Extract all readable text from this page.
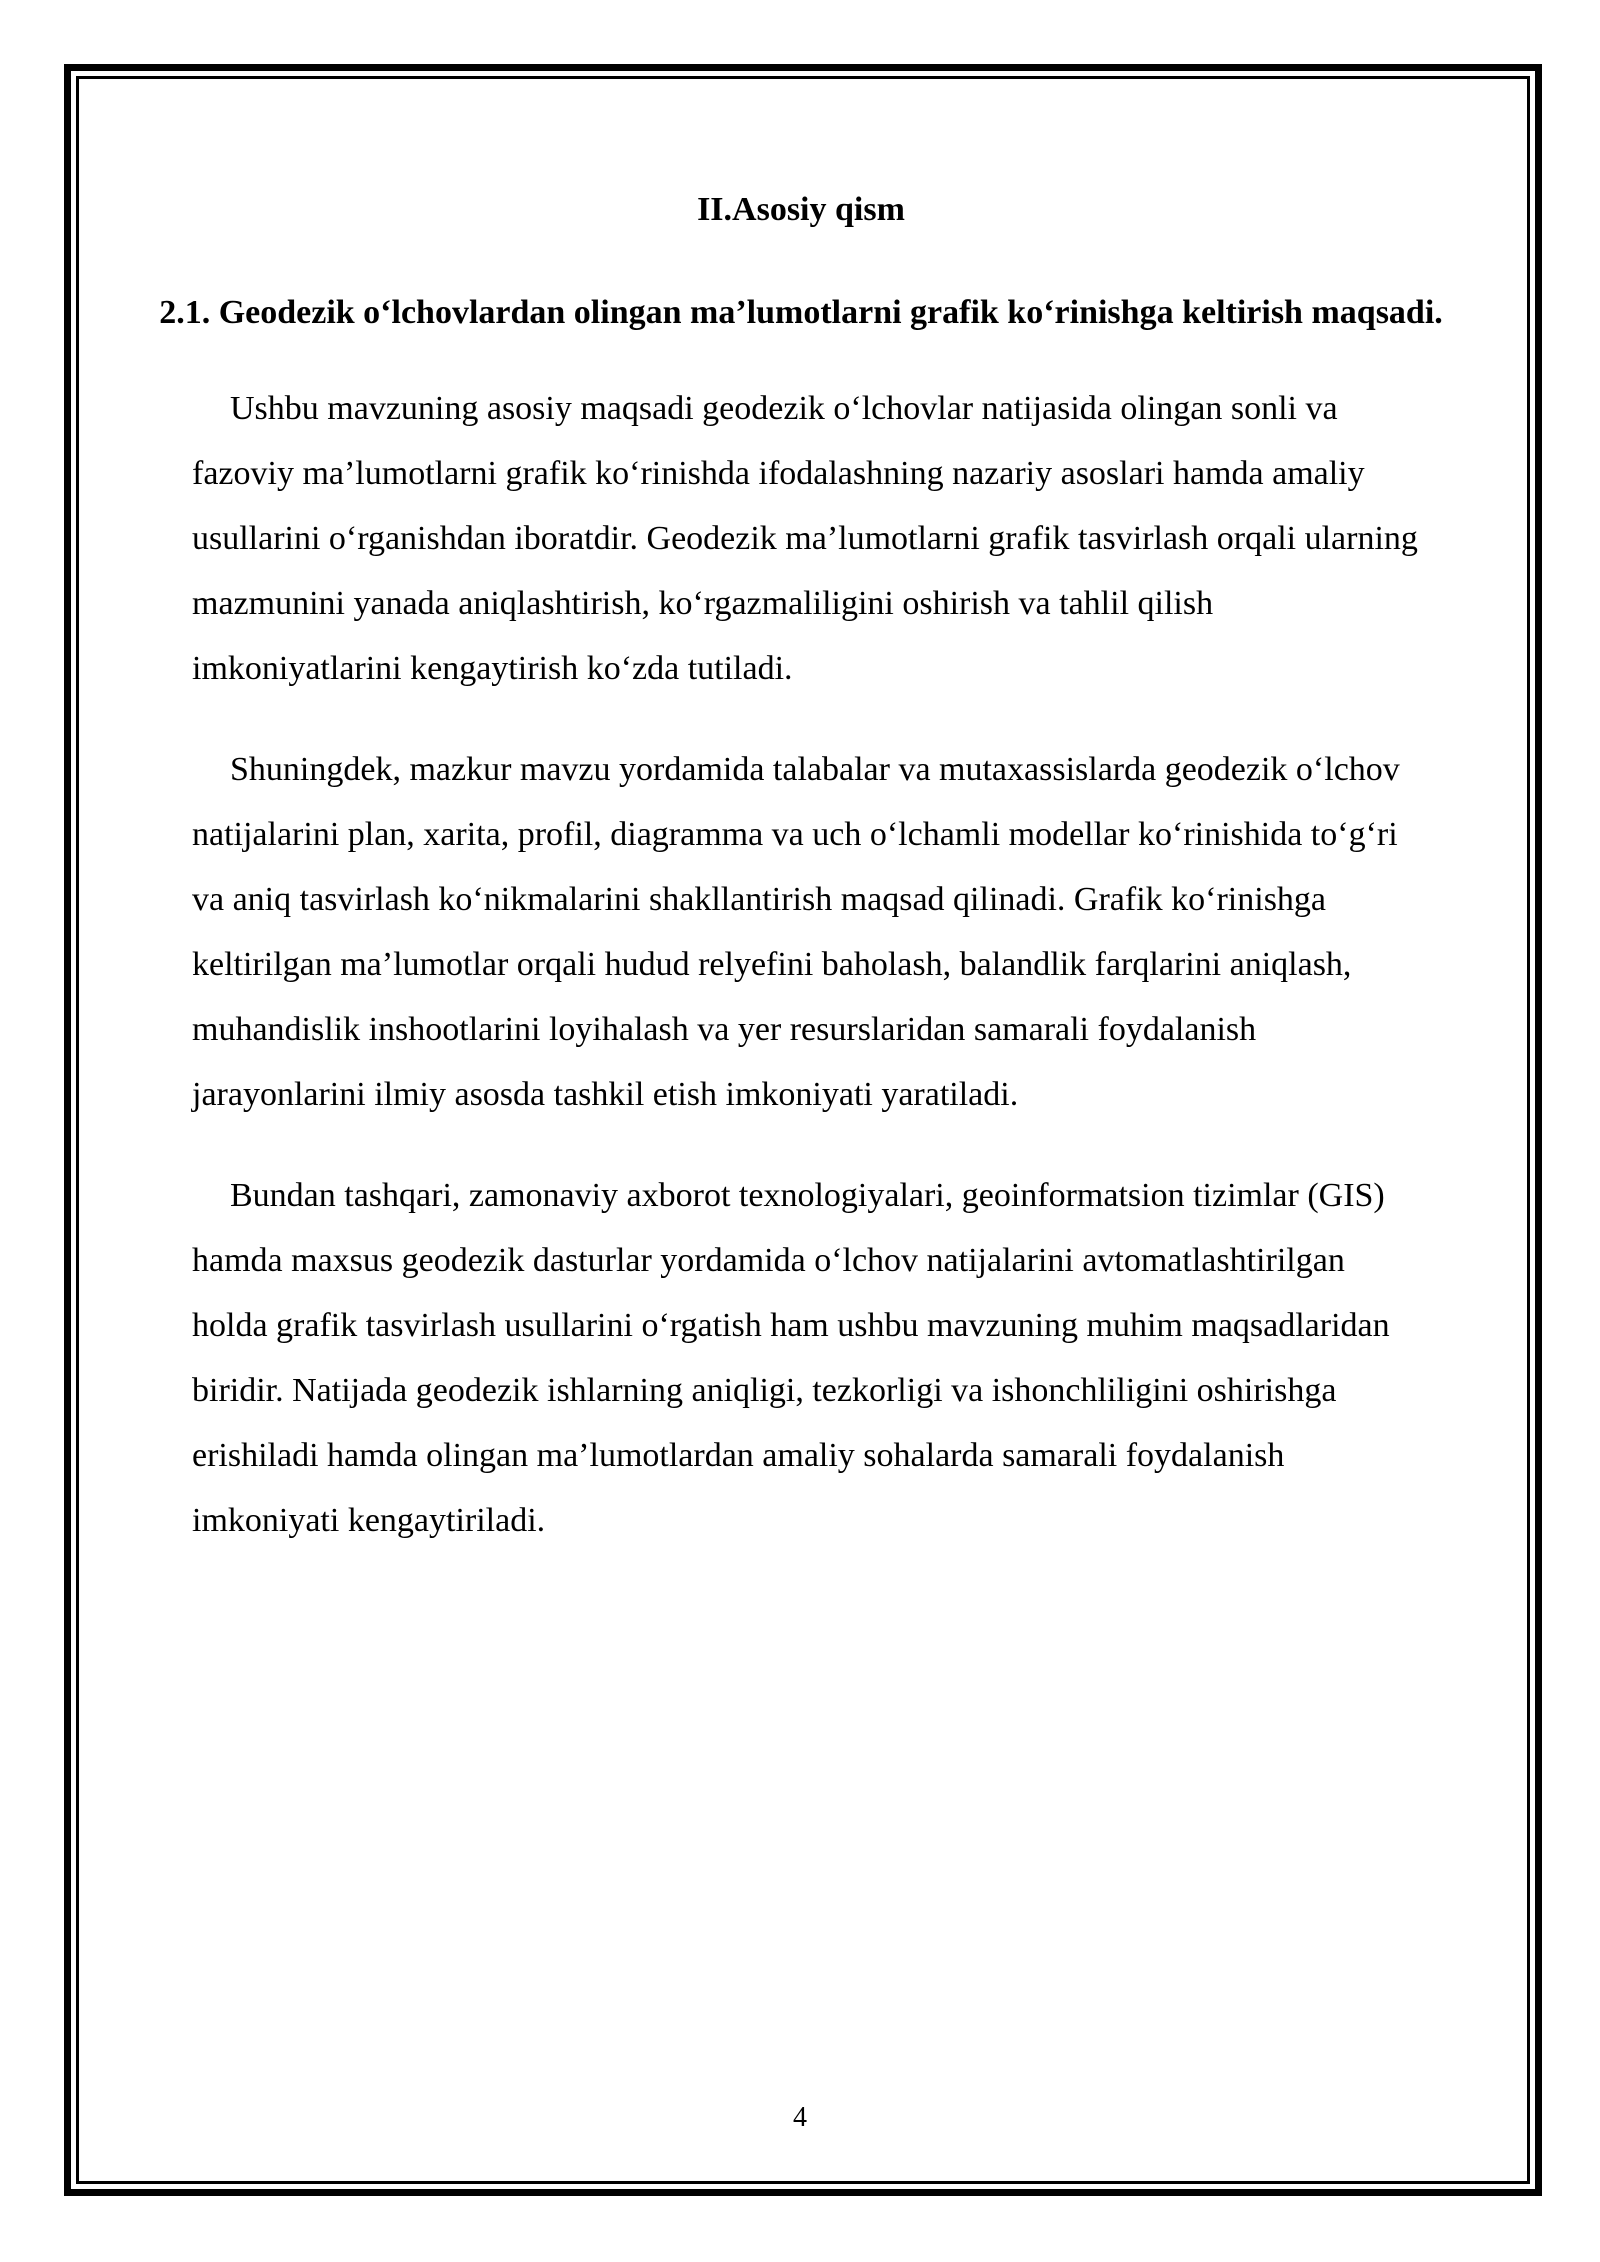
II.Asosiy qism
2.1. Geodezik o‘lchovlardan olingan ma’lumotlarni grafik ko‘rinishga keltirish maqsadi.

Ushbu mavzuning asosiy maqsadi geodezik o‘lchovlar natijasida olingan sonli va fazoviy ma’lumotlarni grafik ko‘rinishda ifodalashning nazariy asoslari hamda amaliy usullarini o‘rganishdan iboratdir. Geodezik ma’lumotlarni grafik tasvirlash orqali ularning mazmunini yanada aniqlashtirish, ko‘rgazmaliligini oshirish va tahlil qilish imkoniyatlarini kengaytirish ko‘zda tutiladi.

Shuningdek, mazkur mavzu yordamida talabalar va mutaxassislarda geodezik o‘lchov natijalarini plan, xarita, profil, diagramma va uch o‘lchamli modellar ko‘rinishida to‘g‘ri va aniq tasvirlash ko‘nikmalarini shakllantirish maqsad qilinadi. Grafik ko‘rinishga keltirilgan ma’lumotlar orqali hudud relyefini baholash, balandlik farqlarini aniqlash, muhandislik inshootlarini loyihalash va yer resurslaridan samarali foydalanish jarayonlarini ilmiy asosda tashkil etish imkoniyati yaratiladi.

Bundan tashqari, zamonaviy axborot texnologiyalari, geoinformatsion tizimlar (GIS) hamda maxsus geodezik dasturlar yordamida o‘lchov natijalarini avtomatlashtirilgan holda grafik tasvirlash usullarini o‘rgatish ham ushbu mavzuning muhim maqsadlaridan biridir. Natijada geodezik ishlarning aniqligi, tezkorligi va ishonchliligini oshirishga erishiladi hamda olingan ma’lumotlardan amaliy sohalarda samarali foydalanish imkoniyati kengaytiriladi.

4
